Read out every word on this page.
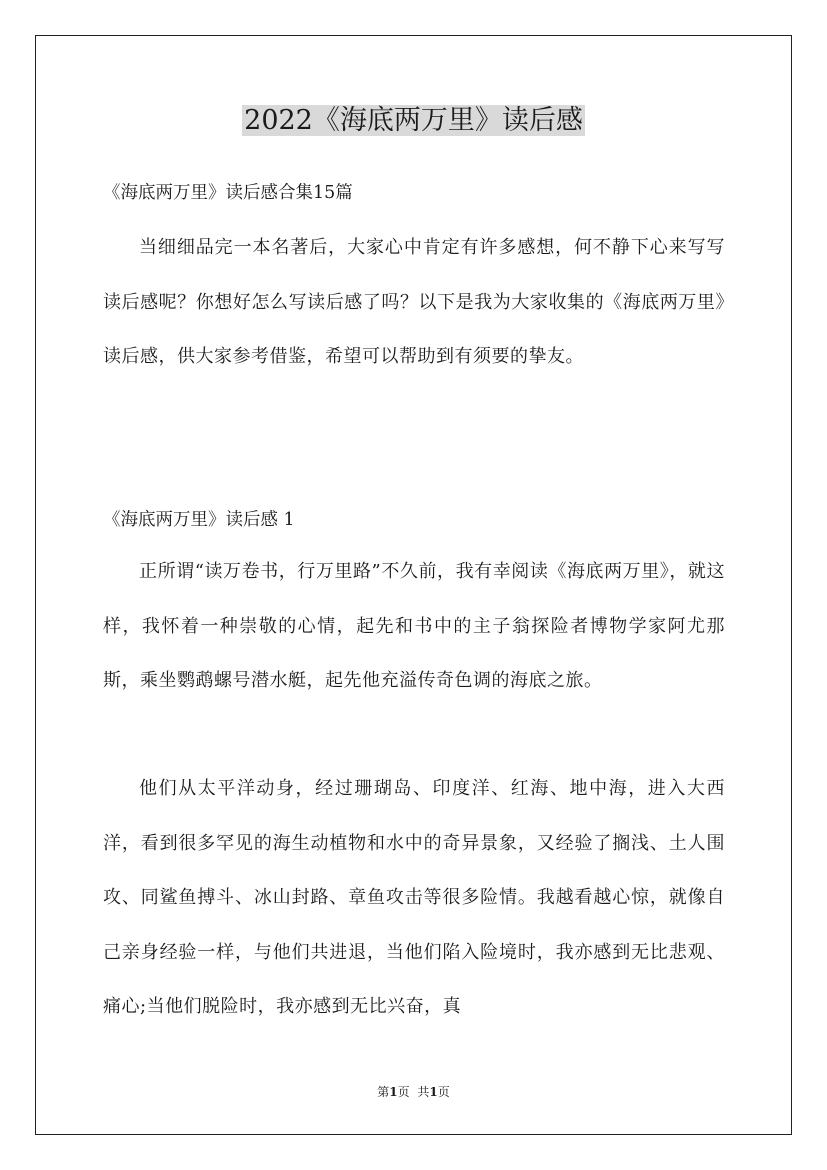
2022《海底两万里》读后感
《海底两万里》读后感合集15篇
当细细品完一本名著后，大家心中肯定有许多感想，何不静下心来写写读后感呢？你想好怎么写读后感了吗？以下是我为大家收集的《海底两万里》读后感，供大家参考借鉴，希望可以帮助到有须要的挚友。
《海底两万里》读后感 1
正所谓“读万卷书，行万里路”不久前，我有幸阅读《海底两万里》，就这样，我怀着一种崇敬的心情，起先和书中的主子翁探险者博物学家阿尤那斯，乘坐鹦鹉螺号潜水艇，起先他充溢传奇色调的海底之旅。
他们从太平洋动身，经过珊瑚岛、印度洋、红海、地中海，进入大西洋，看到很多罕见的海生动植物和水中的奇异景象，又经验了搁浅、土人围攻、同鲨鱼搏斗、冰山封路、章鱼攻击等很多险情。我越看越心惊，就像自己亲身经验一样，与他们共进退，当他们陷入险境时，我亦感到无比悲观、痛心;当他们脱险时，我亦感到无比兴奋，真
第1页 共1页
